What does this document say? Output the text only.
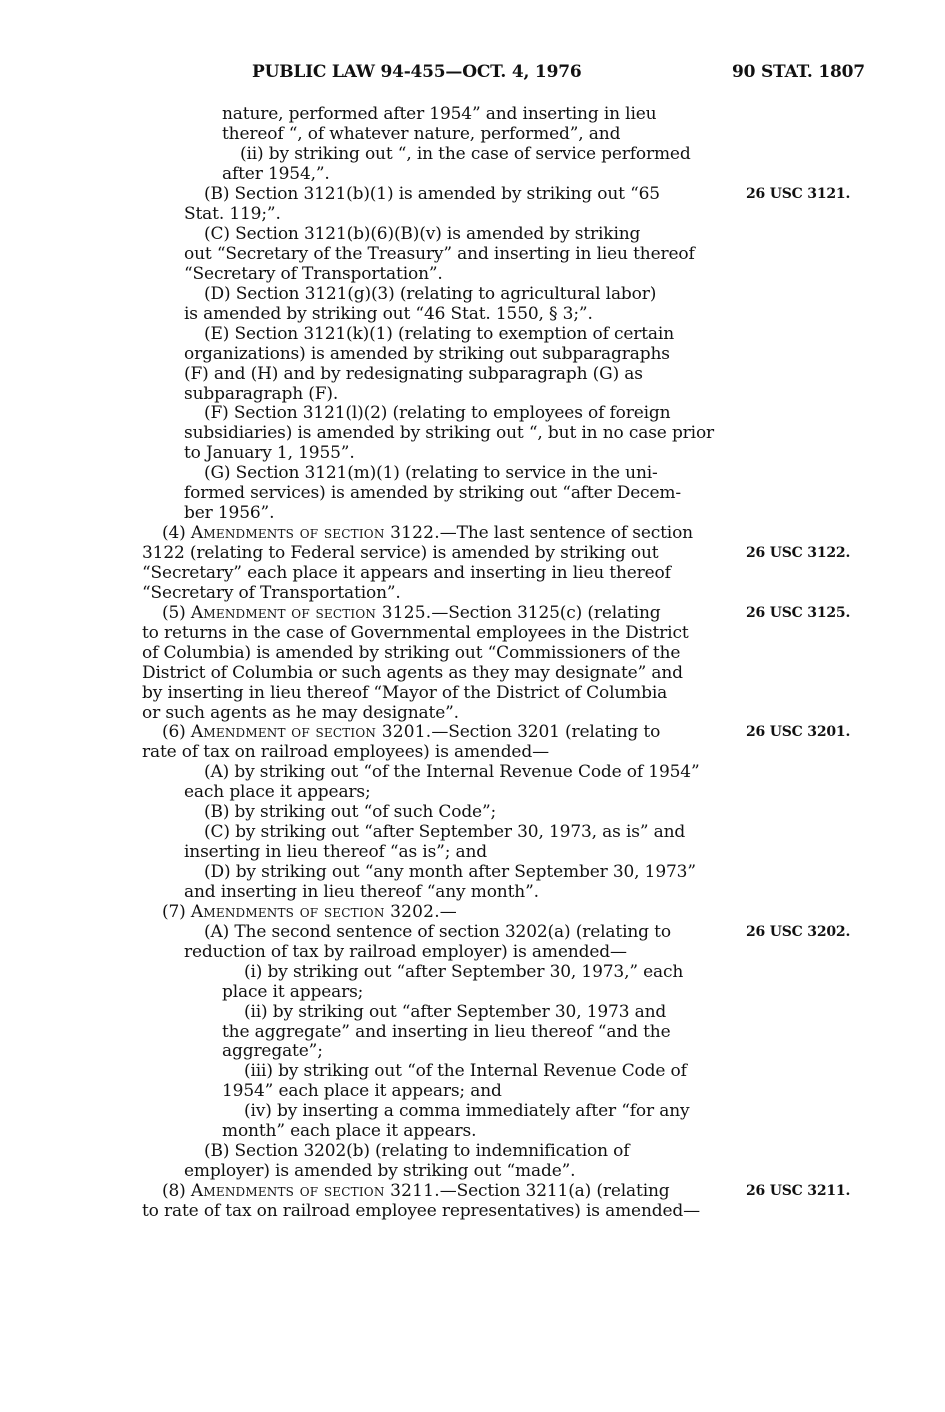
PUBLIC LAW 94-455—OCT. 4, 1976	90 STAT. 1807
nature, performed after 1954” and inserting in lieu
thereof “, of whatever nature, performed”, and
(ii) by striking out “, in the case of service performed
after 1954,”.
(B) Section 3121(b)(1) is amended by striking out “65
Stat. 119;”.
(C) Section 3121(b)(6)(B)(v) is amended by striking
out “Secretary of the Treasury” and inserting in lieu thereof
“Secretary of Transportation”.
(D) Section 3121(g)(3) (relating to agricultural labor)
is amended by striking out “46 Stat. 1550, § 3;”.
(E) Section 3121(k)(1) (relating to exemption of certain
organizations) is amended by striking out subparagraphs
(F) and (H) and by redesignating subparagraph (G) as
subparagraph (F).
(F) Section 3121(l)(2) (relating to employees of foreign
subsidiaries) is amended by striking out “, but in no case prior
to January 1, 1955”.
(G) Section 3121(m)(1) (relating to service in the uni-
formed services) is amended by striking out “after Decem-
ber 1956”.
(4) Amendments of section 3122.—The last sentence of section
3122 (relating to Federal service) is amended by striking out
“Secretary” each place it appears and inserting in lieu thereof
“Secretary of Transportation”.
(5) Amendment of section 3125.—Section 3125(c) (relating
to returns in the case of Governmental employees in the District
of Columbia) is amended by striking out “Commissioners of the
District of Columbia or such agents as they may designate” and
by inserting in lieu thereof “Mayor of the District of Columbia
or such agents as he may designate”.
(6) Amendment of section 3201.—Section 3201 (relating to
rate of tax on railroad employees) is amended—
(A) by striking out “of the Internal Revenue Code of 1954”
each place it appears;
(B) by striking out “of such Code”;
(C) by striking out “after September 30, 1973, as is” and
inserting in lieu thereof “as is”; and
(D) by striking out “any month after September 30, 1973”
and inserting in lieu thereof “any month”.
(7) Amendments of section 3202.—
(A) The second sentence of section 3202(a) (relating to
reduction of tax by railroad employer) is amended—
(i) by striking out “after September 30, 1973,” each
place it appears;
(ii) by striking out “after September 30, 1973 and
the aggregate” and inserting in lieu thereof “and the
aggregate”;
(iii) by striking out “of the Internal Revenue Code of
1954” each place it appears; and
(iv) by inserting a comma immediately after “for any
month” each place it appears.
(B) Section 3202(b) (relating to indemnification of
employer) is amended by striking out “made”.
(8) Amendments of section 3211.—Section 3211(a) (relating
to rate of tax on railroad employee representatives) is amended—
26 USC 3121.
26 USC 3122.
26 USC 3125.
26 USC 3201.
26 USC 3202.
26 USC 3211.
